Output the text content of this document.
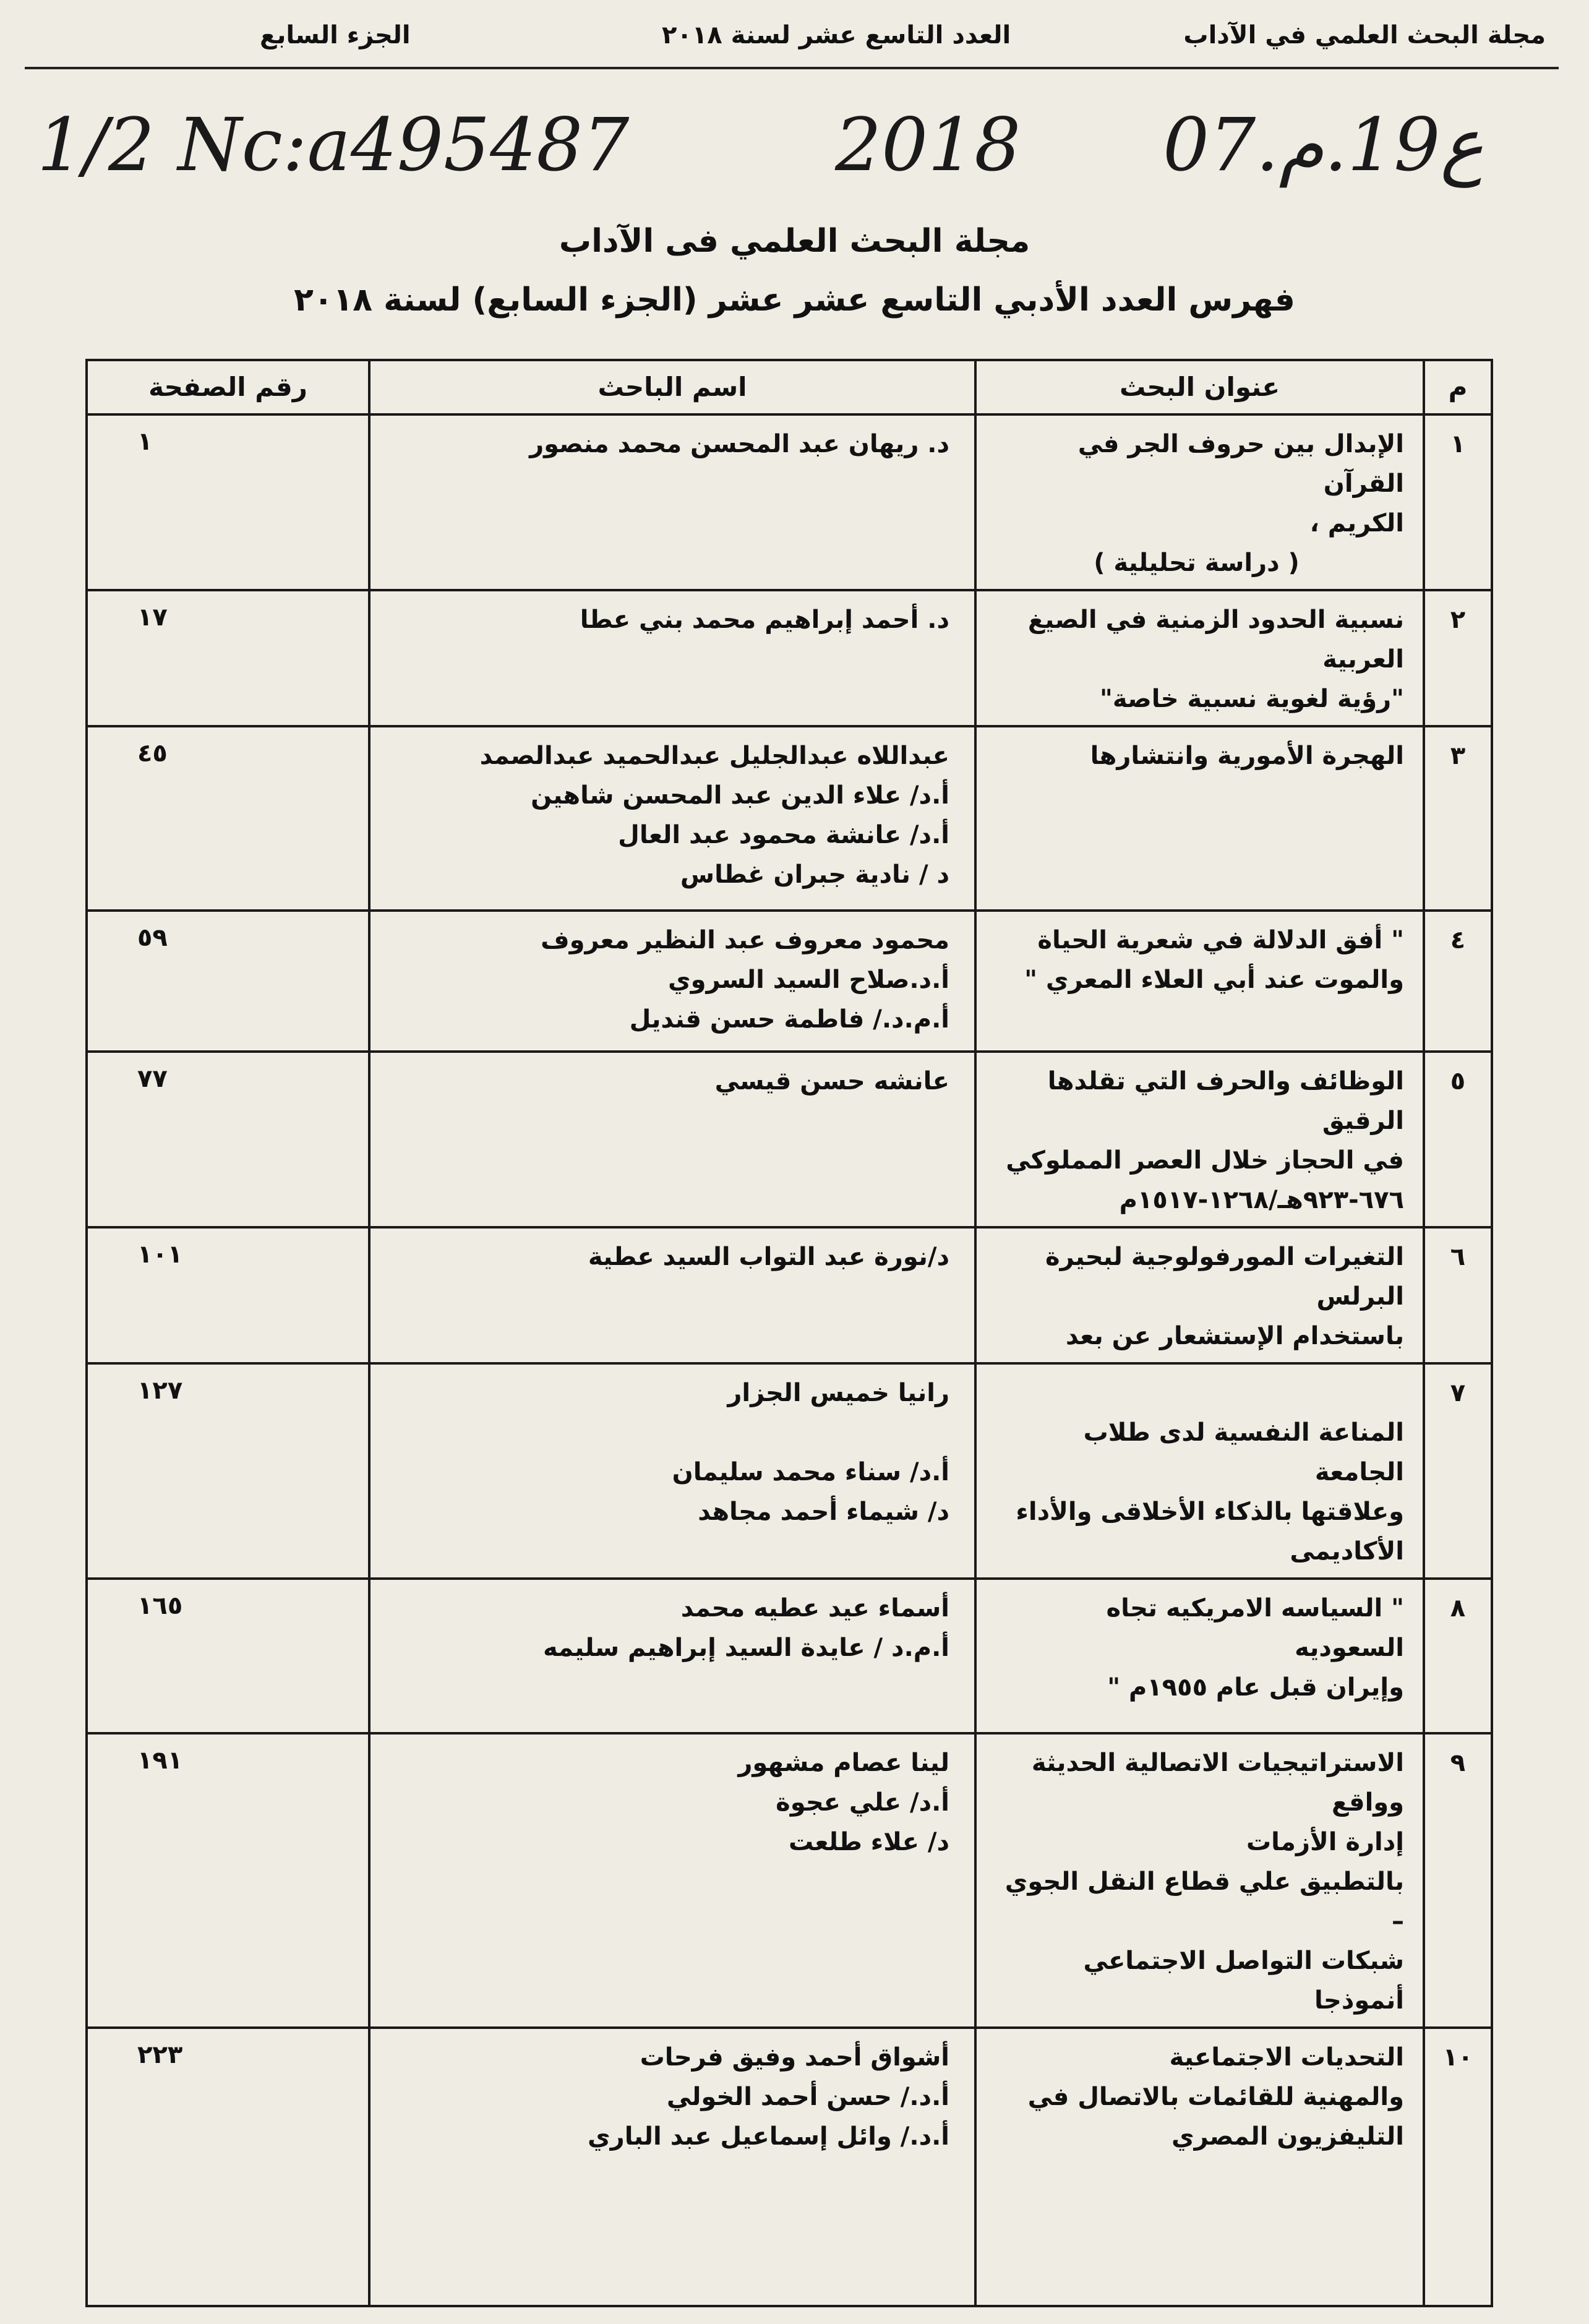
مجلة البحث العلمي في الآداب
العدد التاسع عشر لسنة ٢٠١٨
الجزء السابع
1/2 Nc:a495487	2018 07.ع19.م
مجلة البحث العلمي فى الآداب
فهرس العدد الأدبي التاسع عشر عشر (الجزء السابع) لسنة ٢٠١٨
م	عنوان البحث	اسم الباحث	رقم الصفحة
١	الإبدال بين حروف الجر في القرآن
الكريم ،
( دراسة تحليلية )	د. ريهان عبد المحسن محمد منصور	١
٢	نسبية الحدود الزمنية في الصيغ
العربية
"رؤية لغوية نسبية خاصة"	د. أحمد إبراهيم محمد بني عطا	١٧
٣	الهجرة الأمورية وانتشارها	عبداللاه عبدالجليل عبدالحميد عبدالصمد
أ.د/ علاء الدين عبد المحسن شاهين
أ.د/ عانشة محمود عبد العال
د / نادية جبران غطاس	٤٥
٤	" أفق الدلالة في شعرية الحياة
والموت عند أبي العلاء المعري "	محمود معروف عبد النظير معروف
أ.د.صلاح السيد السروي
أ.م.د./ فاطمة حسن قنديل	٥٩
٥	الوظائف والحرف التي تقلدها الرقيق
في الحجاز خلال العصر المملوكي
٦٧٦-٩٢٣هـ/١٢٦٨-١٥١٧م	عانشه حسن قيسي	٧٧
٦	التغيرات المورفولوجية لبحيرة البرلس
باستخدام الإستشعار عن بعد	د/نورة عبد التواب السيد عطية	١٠١
٧	المناعة النفسية لدى طلاب الجامعة
وعلاقتها بالذكاء الأخلاقى والأداء
الأكاديمى	رانيا خميس الجزار

أ.د/ سناء محمد سليمان
د/ شيماء أحمد مجاهد	١٢٧
٨	" السياسه الامريكيه تجاه السعوديه
وإيران قبل عام ١٩٥٥م "	أسماء عيد عطيه محمد
أ.م.د / عايدة السيد إبراهيم سليمه	١٦٥
٩	الاستراتيجيات الاتصالية الحديثة وواقع
إدارة الأزمات
بالتطبيق علي قطاع النقل الجوي –
شبكات التواصل الاجتماعي أنموذجا	لينا عصام مشهور
أ.د/ علي عجوة
د/ علاء طلعت	١٩١
١٠	التحديات الاجتماعية
والمهنية للقائمات بالاتصال في
التليفزيون المصري	أشواق أحمد وفيق فرحات
أ.د./ حسن أحمد الخولي
أ.د./ وائل إسماعيل عبد الباري	٢٢٣
